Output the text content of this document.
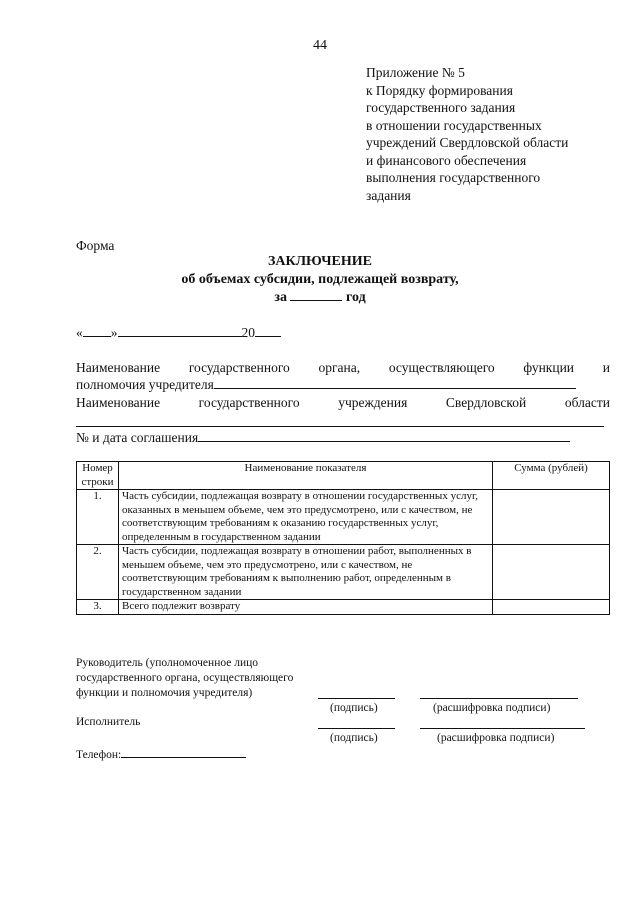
44
Приложение № 5
к Порядку формирования
государственного задания
в отношении государственных
учреждений Свердловской области
и финансового обеспечения
выполнения государственного
задания
Форма
ЗАКЛЮЧЕНИЕ
об объемах субсидии, подлежащей возврату,
за	год
« »	20
Наименование государственного органа, осуществляющего функции и
полномочия учредителя
Наименование	государственного	учреждения	Свердловской	области
№ и дата соглашения
Номер строки	Наименование показателя	Сумма (рублей)
1.	Часть субсидии, подлежащая возврату в отношении государственных услуг, оказанных в меньшем объеме, чем это предусмотрено, или с качеством, не соответствующим требованиям к оказанию государственных услуг, определенным в государственном задании	
2.	Часть субсидии, подлежащая возврату в отношении работ, выполненных в меньшем объеме, чем это предусмотрено, или с качеством, не соответствующим требованиям к выполнению работ, определенным в государственном задании	
3.	Всего подлежит возврату	
Руководитель (уполномоченное лицо
государственного органа, осуществляющего
функции и полномочия учредителя)
(подпись)	(расшифровка подписи)
Исполнитель
(подпись)	(расшифровка подписи)
Телефон:
